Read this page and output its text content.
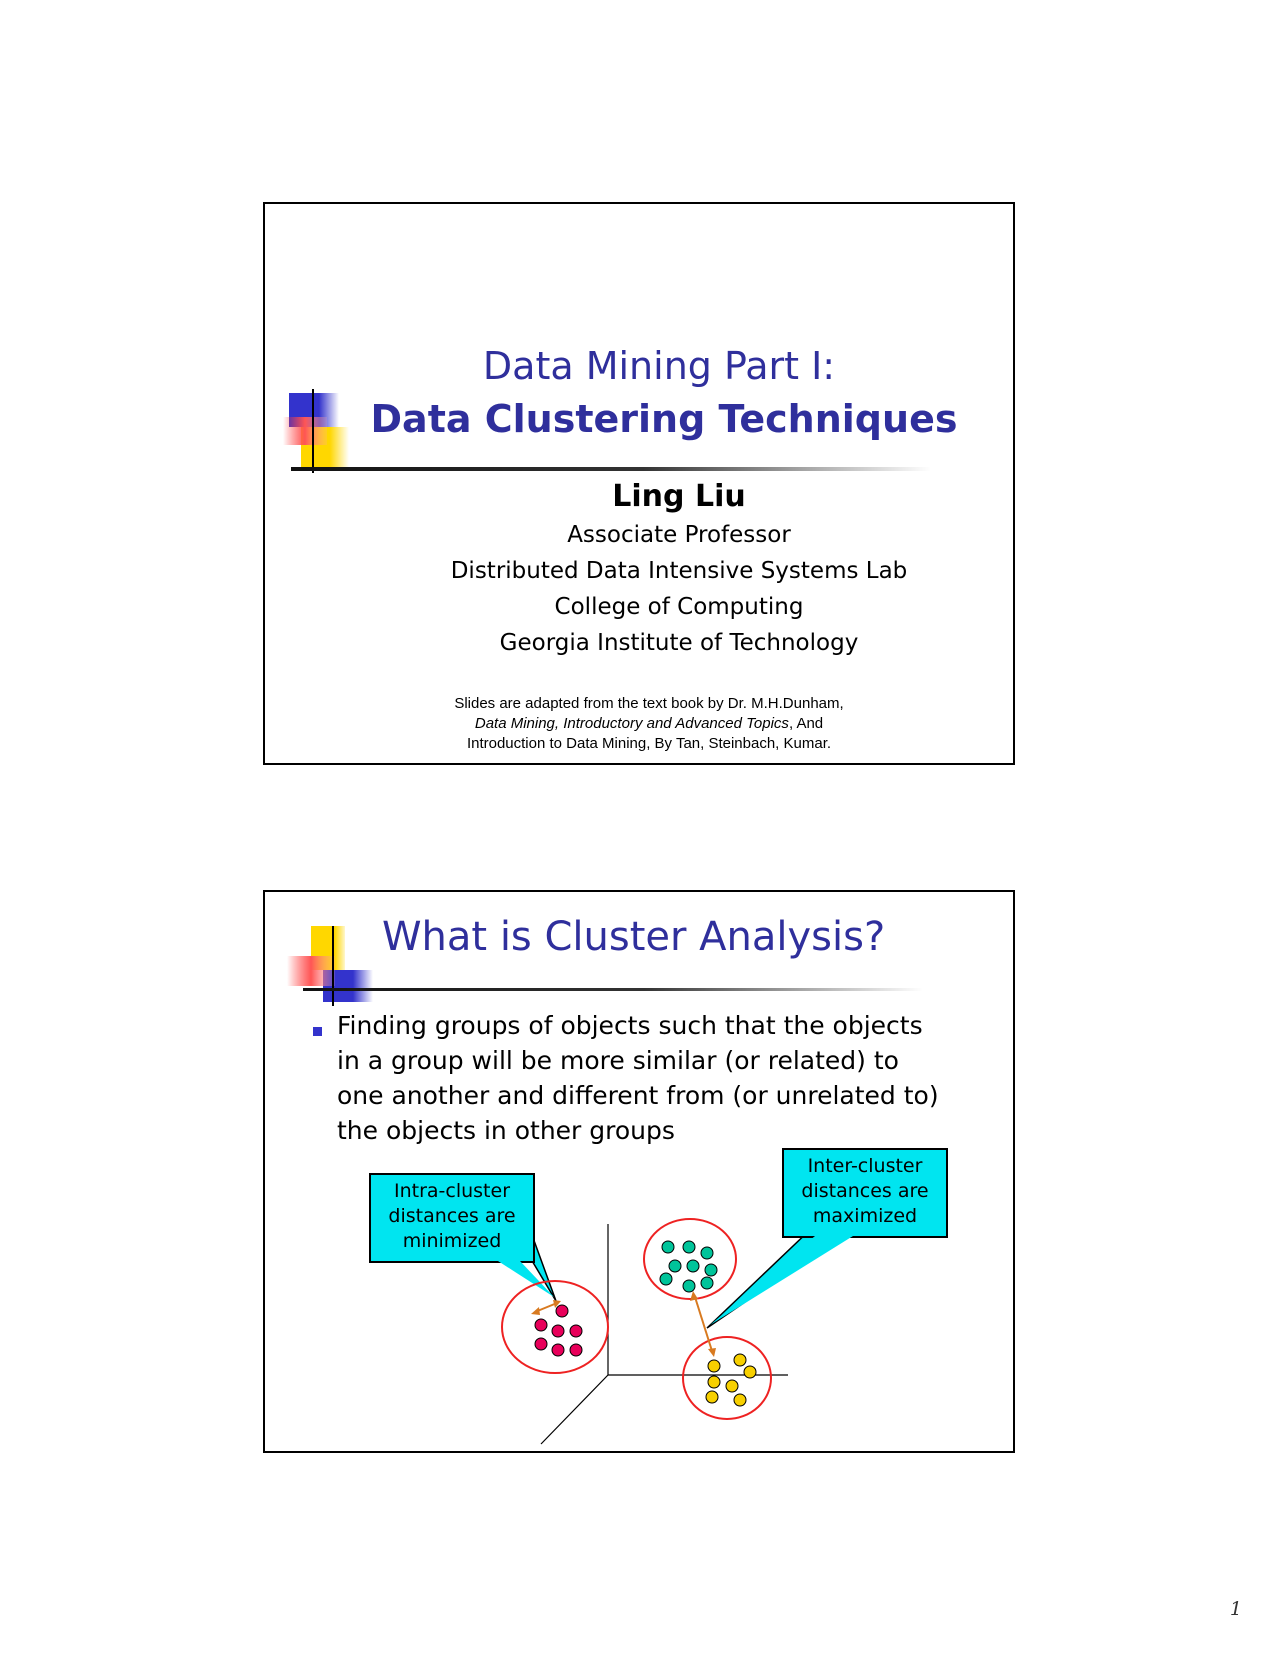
Data Mining Part I:
Data Clustering Techniques
Ling Liu
Associate Professor
Distributed Data Intensive Systems Lab
College of Computing
Georgia Institute of Technology
Slides are adapted from the text book by Dr. M.H.Dunham,
Data Mining, Introductory and Advanced Topics, And
Introduction to Data Mining, By Tan, Steinbach, Kumar.
What is Cluster Analysis?
Finding groups of objects such that the objects
in a group will be more similar (or related) to
one another and different from (or unrelated to)
the objects in other groups
Intra-cluster
distances are
minimized
Inter-cluster
distances are
maximized
1
